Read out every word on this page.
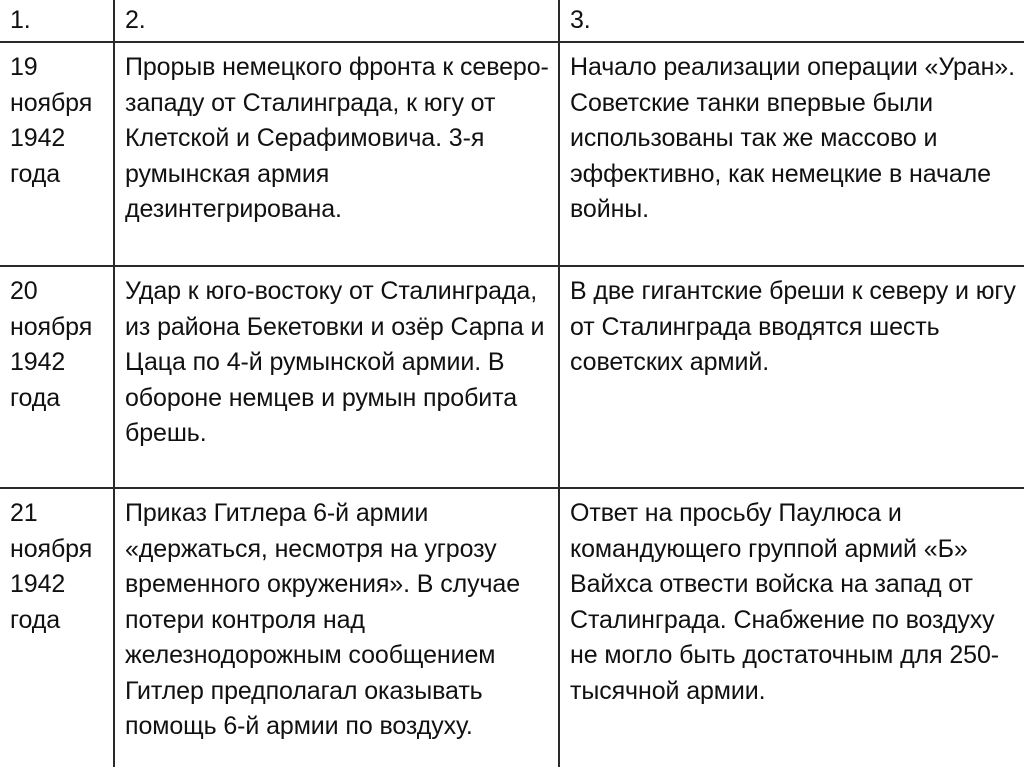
1.	2.	3.

19 ноября 1942 года	Прорыв немецкого фронта к северо-западу от Сталинграда, к югу от Клетской и Серафимовича. 3-я румынская армия дезинтегрирована.	Начало реализации операции «Уран». Советские танки впервые были использованы так же массово и эффективно, как немецкие в начале войны.

20 ноября 1942 года	Удар к юго-востоку от Сталинграда, из района Бекетовки и озёр Сарпа и Цаца по 4-й румынской армии. В обороне немцев и румын пробита брешь.	В две гигантские бреши к северу и югу от Сталинграда вводятся шесть советских армий.

21 ноября 1942 года	Приказ Гитлера 6-й армии «держаться, несмотря на угрозу временного окружения». В случае потери контроля над железнодорожным сообщением Гитлер предполагал оказывать помощь 6-й армии по воздуху.	Ответ на просьбу Паулюса и командующего группой армий «Б» Вайхса отвести войска на запад от Сталинграда. Снабжение по воздуху не могло быть достаточным для 250-тысячной армии.
